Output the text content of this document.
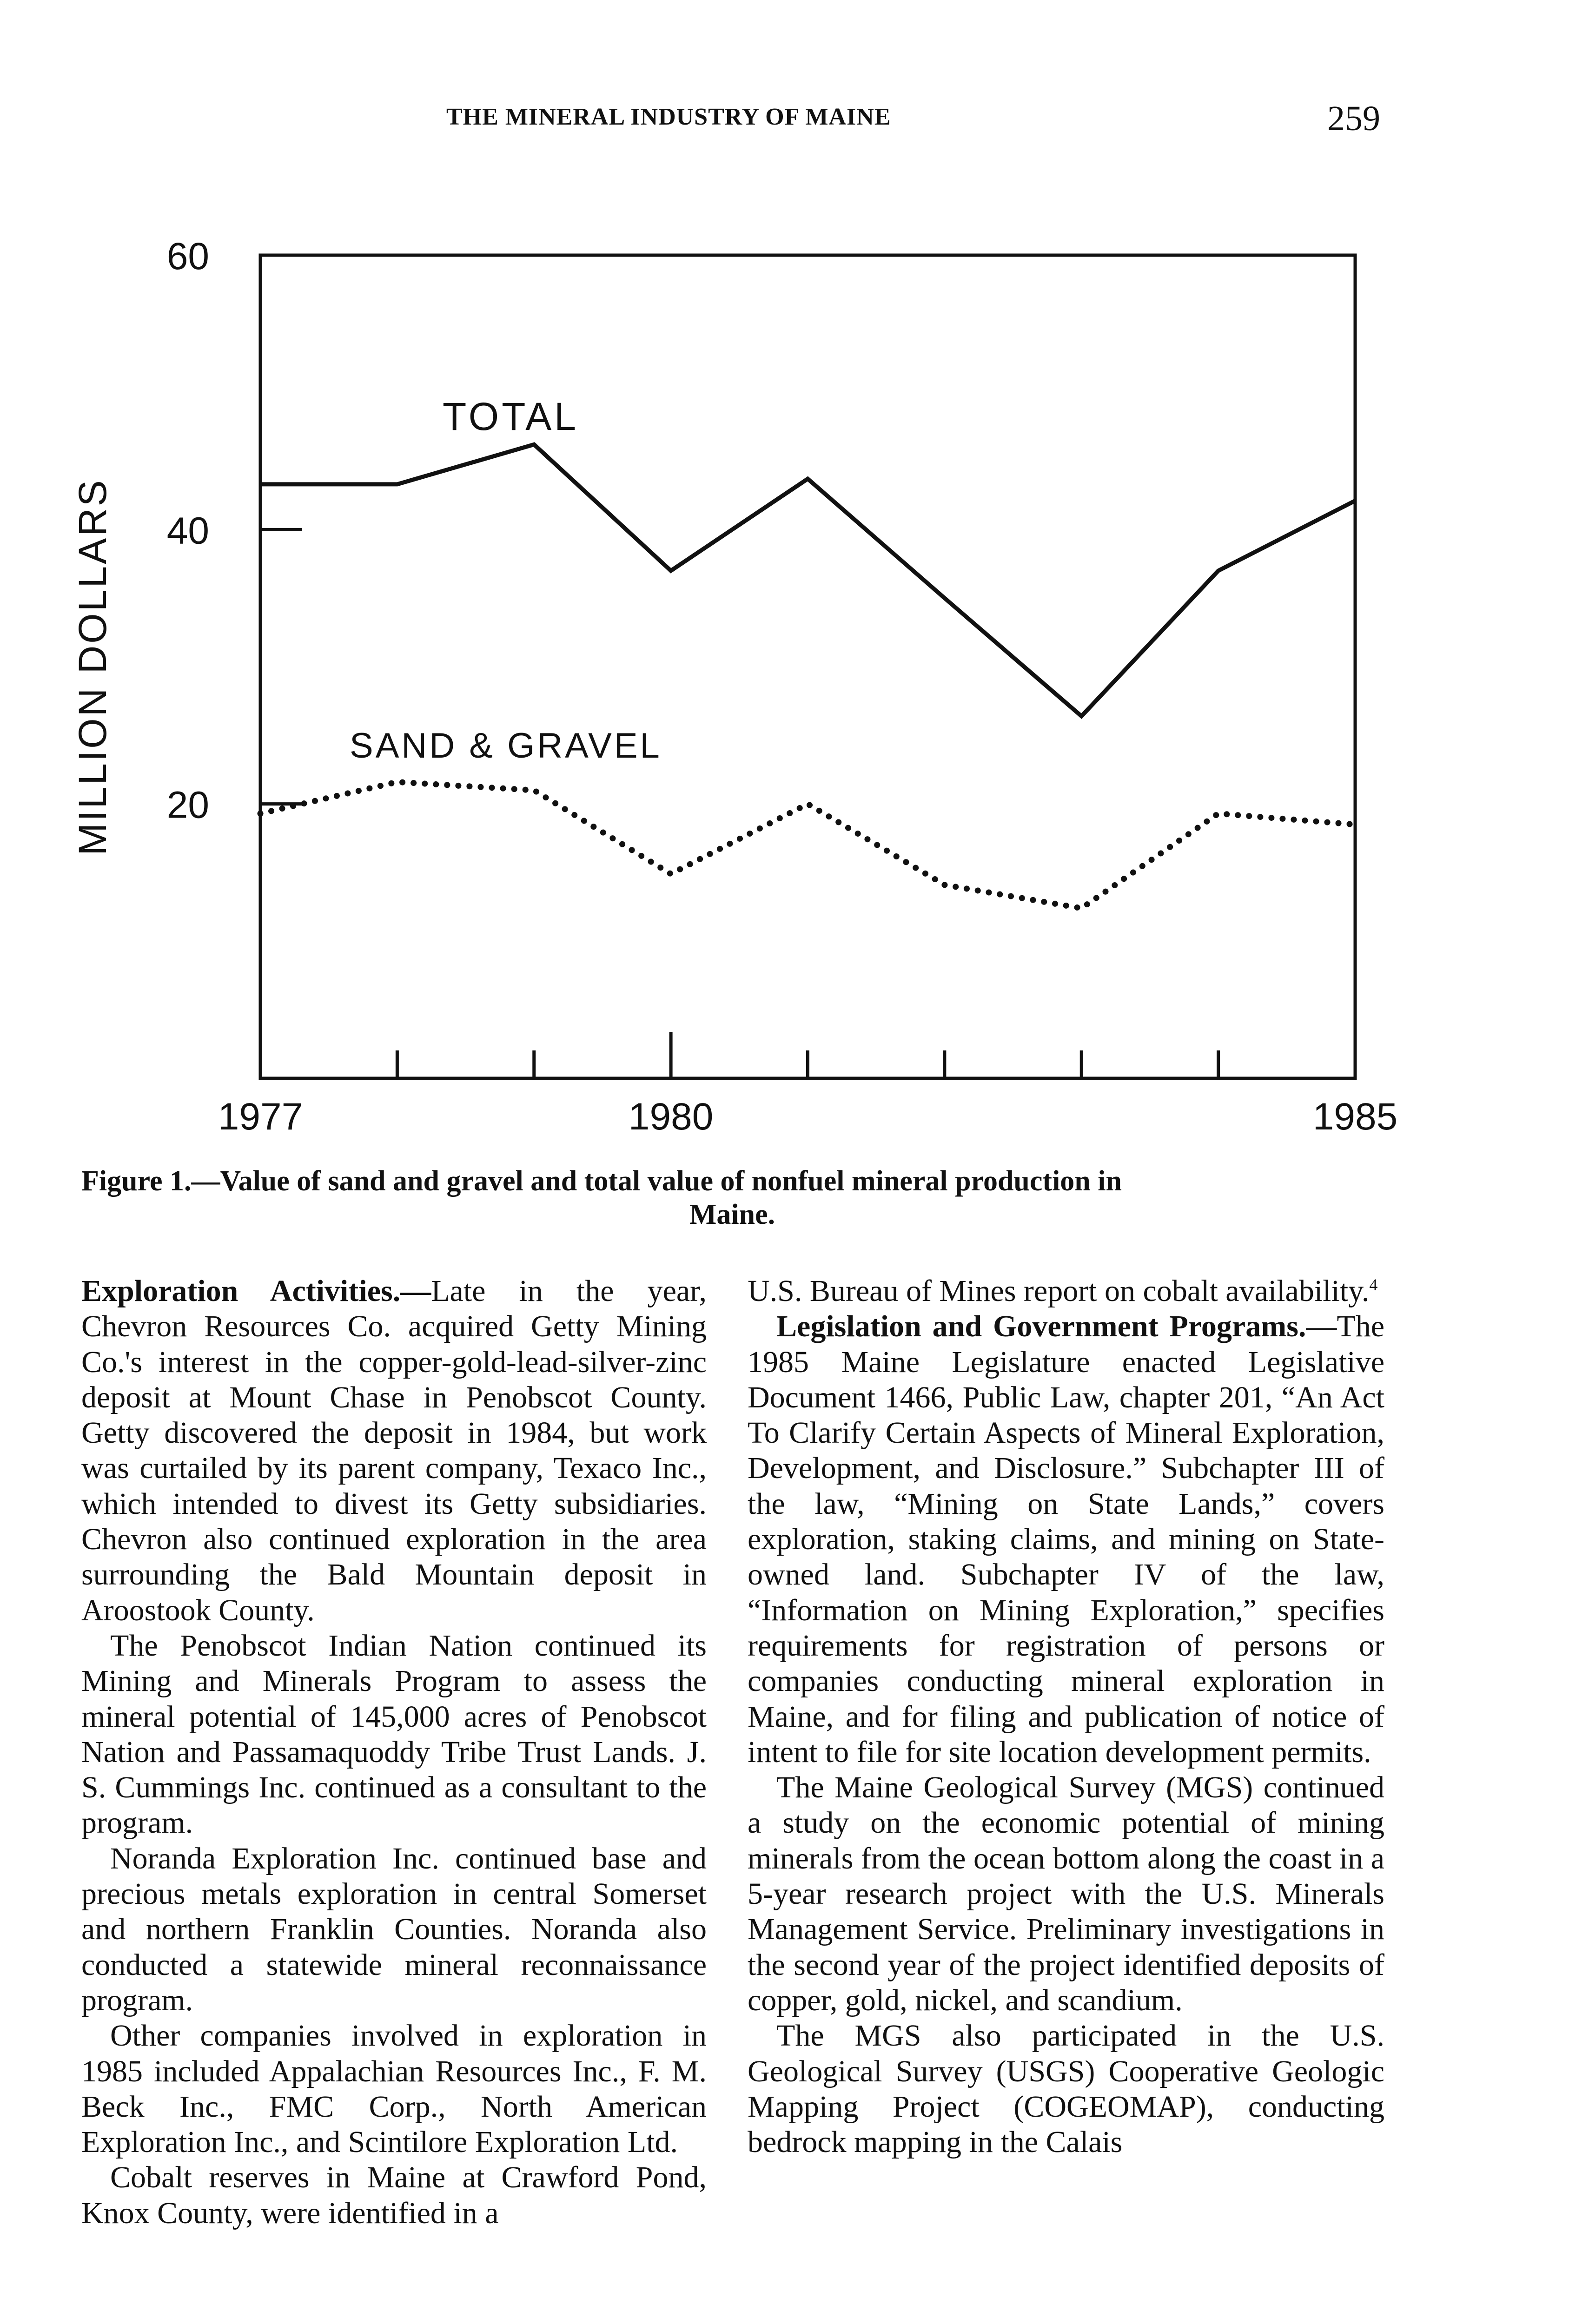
THE MINERAL INDUSTRY OF MAINE	259
20
40
60
1977	1980	1985
MILLION DOLLARS
TOTAL
SAND & GRAVEL
Figure 1.—Value of sand and gravel and total value of nonfuel mineral production in
Maine.

Exploration Activities.—Late in the year, Chevron Resources Co. acquired Getty Mining Co.'s interest in the copper-gold-lead-silver-zinc deposit at Mount Chase in Penobscot County. Getty discovered the deposit in 1984, but work was curtailed by its parent company, Texaco Inc., which intended to divest its Getty subsidiaries. Chevron also continued exploration in the area surrounding the Bald Mountain deposit in Aroostook County.

The Penobscot Indian Nation continued its Mining and Minerals Program to assess the mineral potential of 145,000 acres of Penobscot Nation and Passamaquoddy Tribe Trust Lands. J. S. Cummings Inc. continued as a consultant to the program.

Noranda Exploration Inc. continued base and precious metals exploration in central Somerset and northern Franklin Counties. Noranda also conducted a statewide mineral reconnaissance program.

Other companies involved in exploration in 1985 included Appalachian Resources Inc., F. M. Beck Inc., FMC Corp., North American Exploration Inc., and Scintilore Exploration Ltd.

Cobalt reserves in Maine at Crawford Pond, Knox County, were identified in a

U.S. Bureau of Mines report on cobalt availability.$^4$

Legislation and Government Programs.—The 1985 Maine Legislature enacted Legislative Document 1466, Public Law, chapter 201, “An Act To Clarify Certain Aspects of Mineral Exploration, Development, and Disclosure.” Subchapter III of the law, “Mining on State Lands,” covers exploration, staking claims, and mining on State-owned land. Subchapter IV of the law, “Information on Mining Exploration,” specifies requirements for registration of persons or companies conducting mineral exploration in Maine, and for filing and publication of notice of intent to file for site location development permits.

The Maine Geological Survey (MGS) continued a study on the economic potential of mining minerals from the ocean bottom along the coast in a 5-year research project with the U.S. Minerals Management Service. Preliminary investigations in the second year of the project identified deposits of copper, gold, nickel, and scandium.

The MGS also participated in the U.S. Geological Survey (USGS) Cooperative Geologic Mapping Project (COGEOMAP), conducting bedrock mapping in the Calais
